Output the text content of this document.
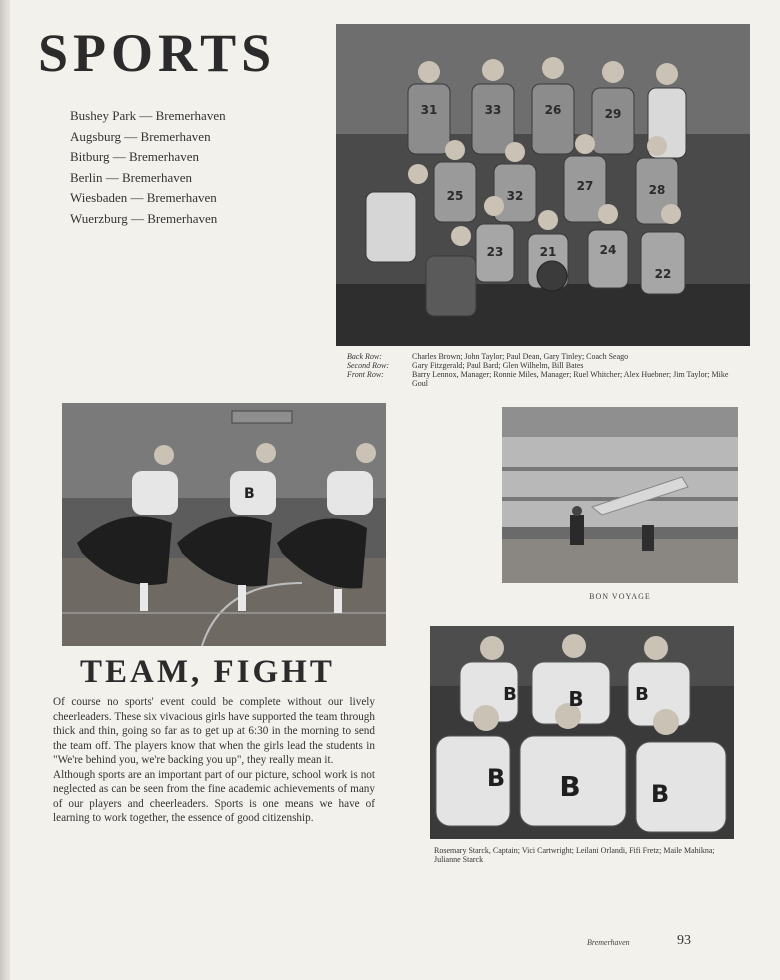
SPORTS
Bushey Park — Bremerhaven
Augsburg — Bremerhaven
Bitburg — Bremerhaven
Berlin — Bremerhaven
Wiesbaden — Bremerhaven
Wuerzburg — Bremerhaven
31	33	26	29
25	32
27	28
23	21	24
22
Back Row:	Charles Brown; John Taylor; Paul Dean, Gary Tinley; Coach Seago
Second Row:	Gary Fitzgerald; Paul Bard; Glen Wilhelm, Bill Bates
Front Row:	Barry Lennox, Manager; Ronnie Miles, Manager; Ruel Whitcher; Alex Huebner; Jim Taylor; Mike Goul
B
BON VOYAGE
TEAM, FIGHT

Of course no sports' event could be complete without our lively cheerleaders. These six vivacious girls have supported the team through thick and thin, going so far as to get up at 6:30 in the morning to send the team off. The players know that when the girls lead the students in "We're behind you, we're backing you up", they really mean it.

Although sports are an important part of our picture, school work is not neglected as can be seen from the fine academic achievements of many of our players and cheerleaders. Sports is one means we have of learning to work together, the essence of good citizenship.

B	B	B
B B	B
Rosemary Starck, Captain; Vici Cartwright; Leilani Orlandi, Fifi Fretz; Maile Mahikna; Julianne Starck
Bremerhaven	93
